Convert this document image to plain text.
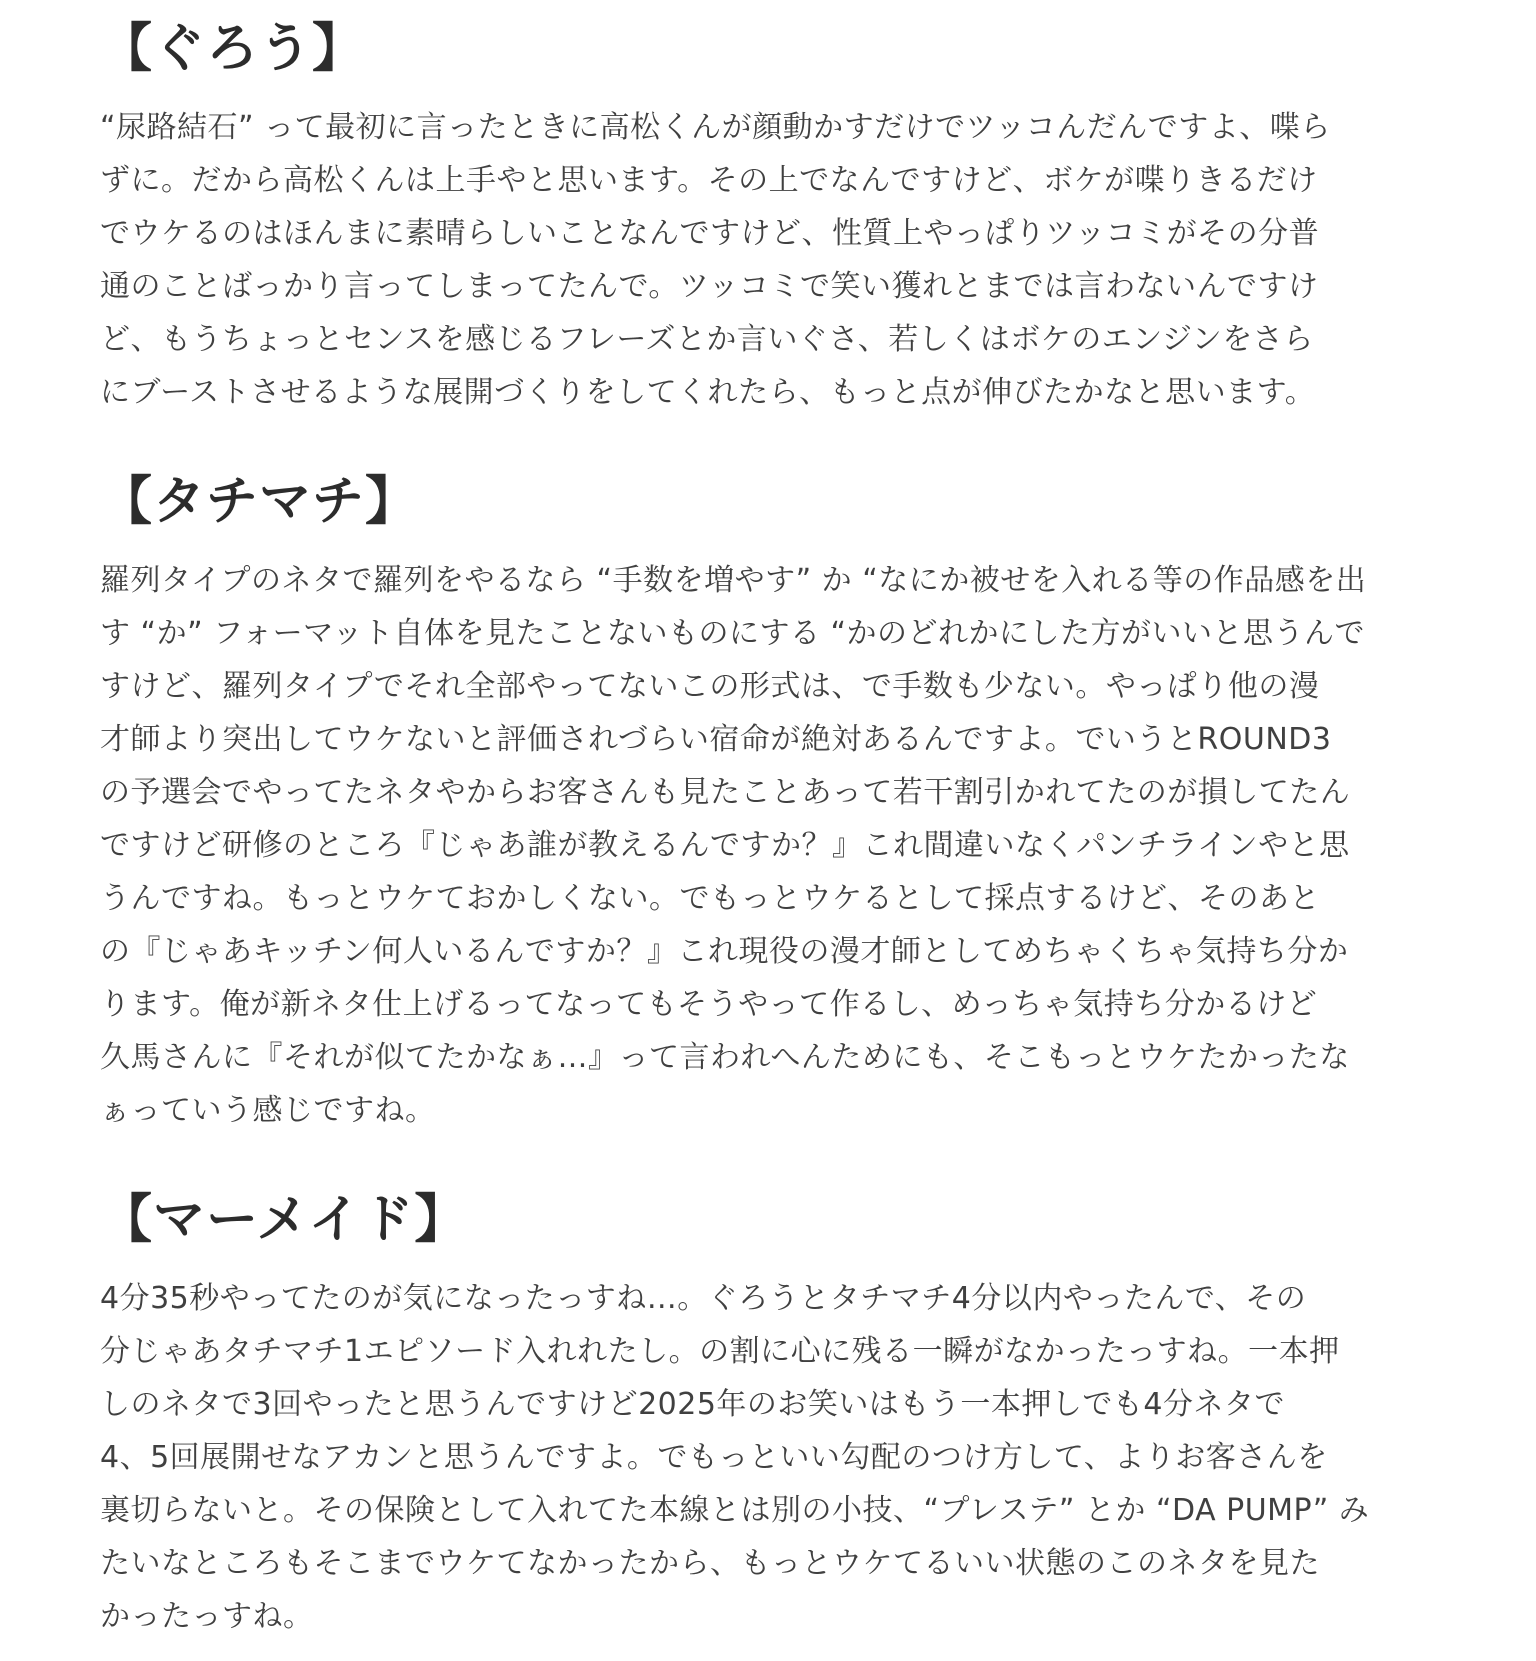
【ぐろう】
“尿路結石” って最初に言ったときに高松くんが顔動かすだけでツッコんだんですよ、喋ら
ずに。だから高松くんは上手やと思います。その上でなんですけど、ボケが喋りきるだけ
でウケるのはほんまに素晴らしいことなんですけど、性質上やっぱりツッコミがその分普
通のことばっかり言ってしまってたんで。ツッコミで笑い獲れとまでは言わないんですけ
ど、もうちょっとセンスを感じるフレーズとか言いぐさ、若しくはボケのエンジンをさら
にブーストさせるような展開づくりをしてくれたら、もっと点が伸びたかなと思います。
【タチマチ】
羅列タイプのネタで羅列をやるなら “手数を増やす” か “なにか被せを入れる等の作品感を出
す “か” フォーマット自体を見たことないものにする “かのどれかにした方がいいと思うんで
すけど、羅列タイプでそれ全部やってないこの形式は、で手数も少ない。やっぱり他の漫
才師より突出してウケないと評価されづらい宿命が絶対あるんですよ。でいうとROUND3
の予選会でやってたネタやからお客さんも見たことあって若干割引かれてたのが損してたん
ですけど研修のところ『じゃあ誰が教えるんですか？』これ間違いなくパンチラインやと思
うんですね。もっとウケておかしくない。でもっとウケるとして採点するけど、そのあと
の『じゃあキッチン何人いるんですか？』これ現役の漫才師としてめちゃくちゃ気持ち分か
ります。俺が新ネタ仕上げるってなってもそうやって作るし、めっちゃ気持ち分かるけど
久馬さんに『それが似てたかなぁ…』って言われへんためにも、そこもっとウケたかったな
ぁっていう感じですね。
【マーメイド】
4分35秒やってたのが気になったっすね…。ぐろうとタチマチ4分以内やったんで、その
分じゃあタチマチ1エピソード入れれたし。の割に心に残る一瞬がなかったっすね。一本押
しのネタで3回やったと思うんですけど2025年のお笑いはもう一本押しでも4分ネタで
4、5回展開せなアカンと思うんですよ。でもっといい勾配のつけ方して、よりお客さんを
裏切らないと。その保険として入れてた本線とは別の小技、“プレステ” とか “DA PUMP” み
たいなところもそこまでウケてなかったから、もっとウケてるいい状態のこのネタを見た
かったっすね。
